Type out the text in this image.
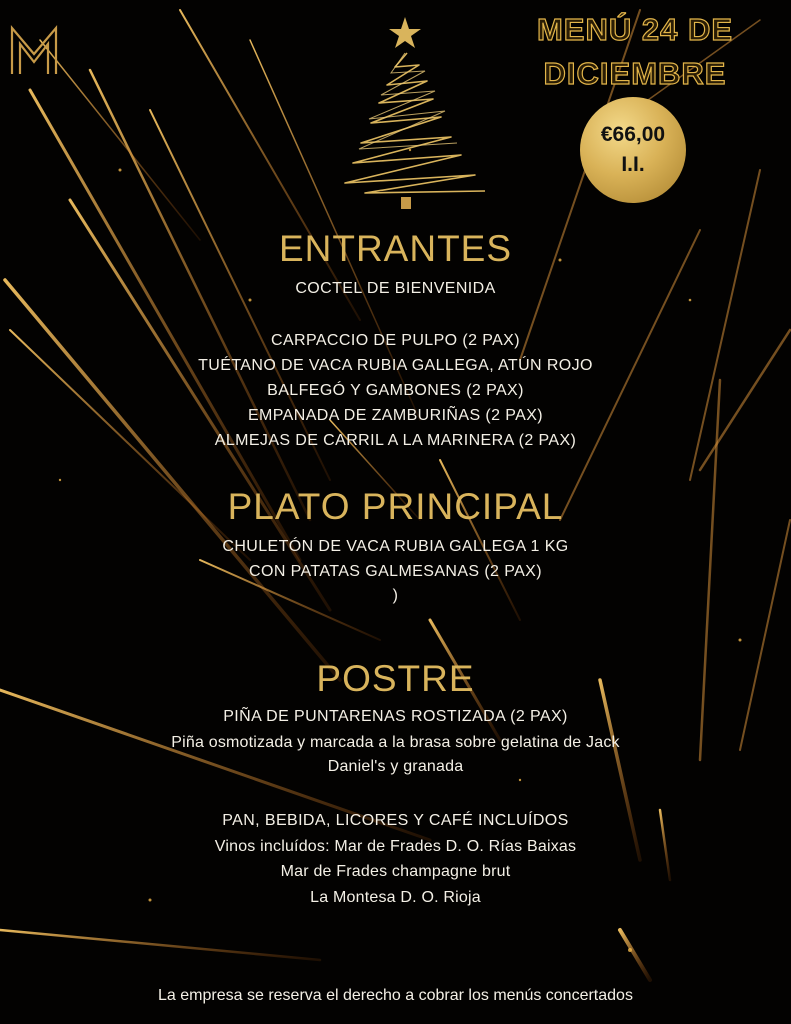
MENÚ 24 DE
DICIEMBRE
€66,00
I.I.
ENTRANTES
COCTEL DE BIENVENIDA
CARPACCIO DE PULPO (2 PAX)
TUÉTANO DE VACA RUBIA GALLEGA, ATÚN ROJO
BALFEGÓ Y GAMBONES (2 PAX)
EMPANADA DE ZAMBURIÑAS (2 PAX)
ALMEJAS DE CARRIL A LA MARINERA (2 PAX)
PLATO PRINCIPAL
CHULETÓN DE VACA RUBIA GALLEGA 1 KG
CON PATATAS GALMESANAS (2 PAX)
)
POSTRE
PIÑA DE PUNTARENAS ROSTIZADA (2 PAX)
Piña osmotizada y marcada a la brasa sobre gelatina de Jack
Daniel's y granada
PAN, BEBIDA, LICORES Y CAFÉ INCLUÍDOS
Vinos incluídos: Mar de Frades D. O. Rías Baixas
Mar de Frades champagne brut
La Montesa D. O. Rioja
La empresa se reserva el derecho a cobrar los menús concertados
